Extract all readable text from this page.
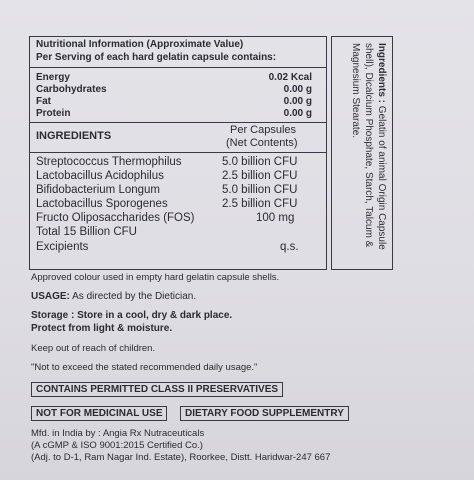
Nutritional Information (Approximate Value)
Per Serving of each hard gelatin capsule contains:
Energy	0.02 Kcal
Carbohydrates	0.00 g
Fat	0.00 g
Protein	0.00 g
INGREDIENTS	Per Capsules
(Net Contents)
Streptococcus Thermophilus	5.0 billion CFU
Lactobacillus Acidophilus	2.5 billion CFU
Bifidobacterium Longum	5.0 billion CFU
Lactobacillus Sporogenes	2.5 billion CFU
Fructo Oliposaccharides (FOS)	100 mg
Total 15 Billion CFU
Excipients	q.s.
Ingredients : Gelatin of animal Origin Capsule shell), Dicalcium Phosphate, Starch, Talcum & Magnesium Stearate.
Approved colour used in empty hard gelatin capsule shells.
USAGE: As directed by the Dietician.
Storage : Store in a cool, dry & dark place.
Protect from light & moisture.
Keep out of reach of children.
"Not to exceed the stated recommended daily usage."
CONTAINS PERMITTED CLASS II PRESERVATIVES
NOT FOR MEDICINAL USE	DIETARY FOOD SUPPLEMENTRY
Mfd. in India by : Angia Rx Nutraceuticals
(A cGMP & ISO 9001:2015 Certified Co.)
(Adj. to D-1, Ram Nagar Ind. Estate), Roorkee, Distt. Haridwar-247 667
